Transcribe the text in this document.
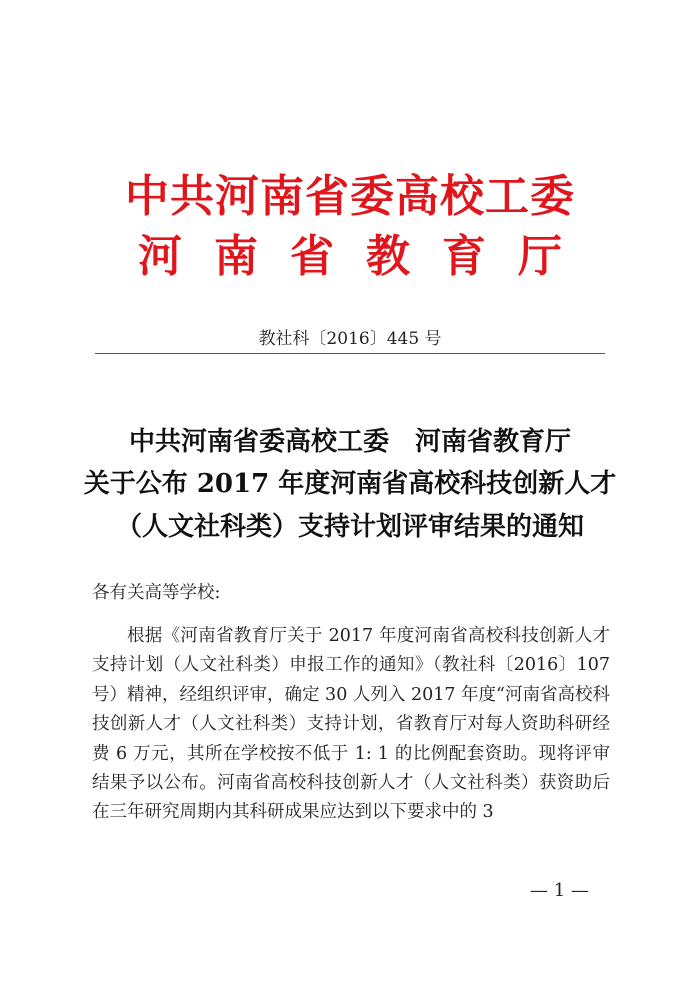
中共河南省委高校工委
河 南 省 教 育 厅
教社科〔2016〕445 号
中共河南省委高校工委　河南省教育厅
关于公布 2017 年度河南省高校科技创新人才
（人文社科类）支持计划评审结果的通知
各有关高等学校:
根据《河南省教育厅关于 2017 年度河南省高校科技创新人才支持计划（人文社科类）申报工作的通知》（教社科〔2016〕107 号）精神，经组织评审，确定 30 人列入 2017 年度“河南省高校科技创新人才（人文社科类）支持计划，省教育厅对每人资助科研经费 6 万元，其所在学校按不低于 1: 1 的比例配套资助。现将评审结果予以公布。河南省高校科技创新人才（人文社科类）获资助后在三年研究周期内其科研成果应达到以下要求中的 3
— 1 —
